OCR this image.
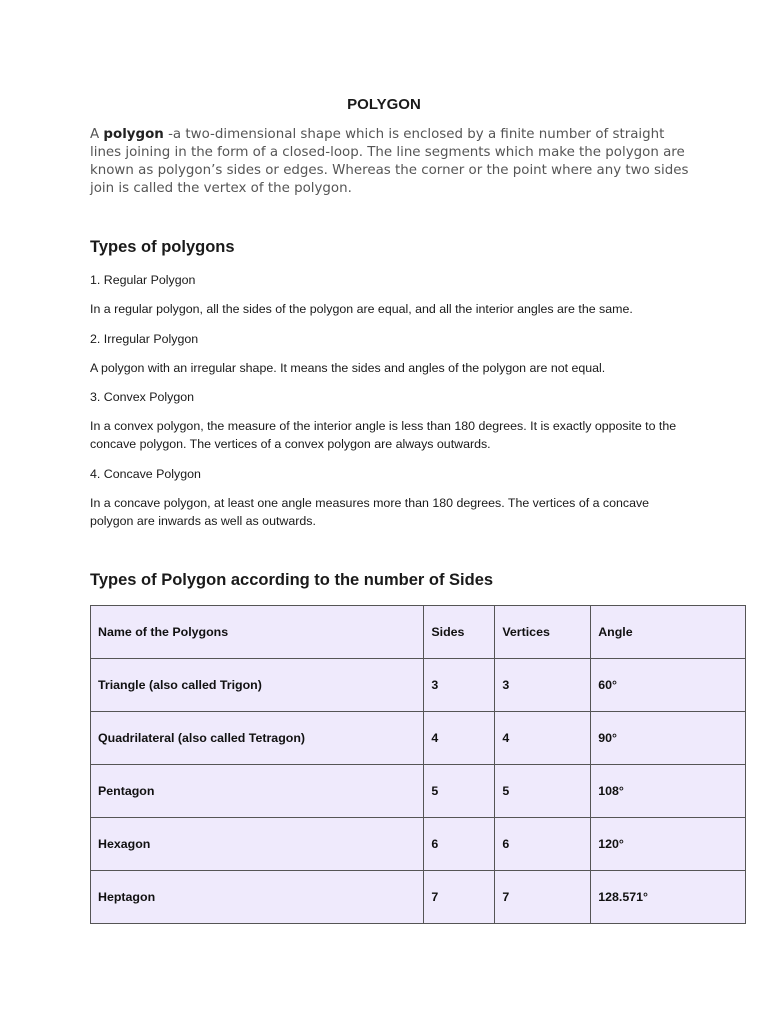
POLYGON

A polygon -a two-dimensional shape which is enclosed by a finite number of straight lines joining in the form of a closed-loop. The line segments which make the polygon are known as polygon’s sides or edges. Whereas the corner or the point where any two sides join is called the vertex of the polygon.

Types of polygons

1. Regular Polygon

In a regular polygon, all the sides of the polygon are equal, and all the interior angles are the same.

2. Irregular Polygon

A polygon with an irregular shape. It means the sides and angles of the polygon are not equal.

3. Convex Polygon

In a convex polygon, the measure of the interior angle is less than 180 degrees. It is exactly opposite to the concave polygon. The vertices of a convex polygon are always outwards.

4. Concave Polygon

In a concave polygon, at least one angle measures more than 180 degrees. The vertices of a concave polygon are inwards as well as outwards.

Types of Polygon according to the number of Sides
Name of the Polygons	Sides	Vertices	Angle
Triangle (also called Trigon)	3	3	60°
Quadrilateral (also called Tetragon)	4	4	90°
Pentagon	5	5	108°
Hexagon	6	6	120°
Heptagon	7	7	128.571°
